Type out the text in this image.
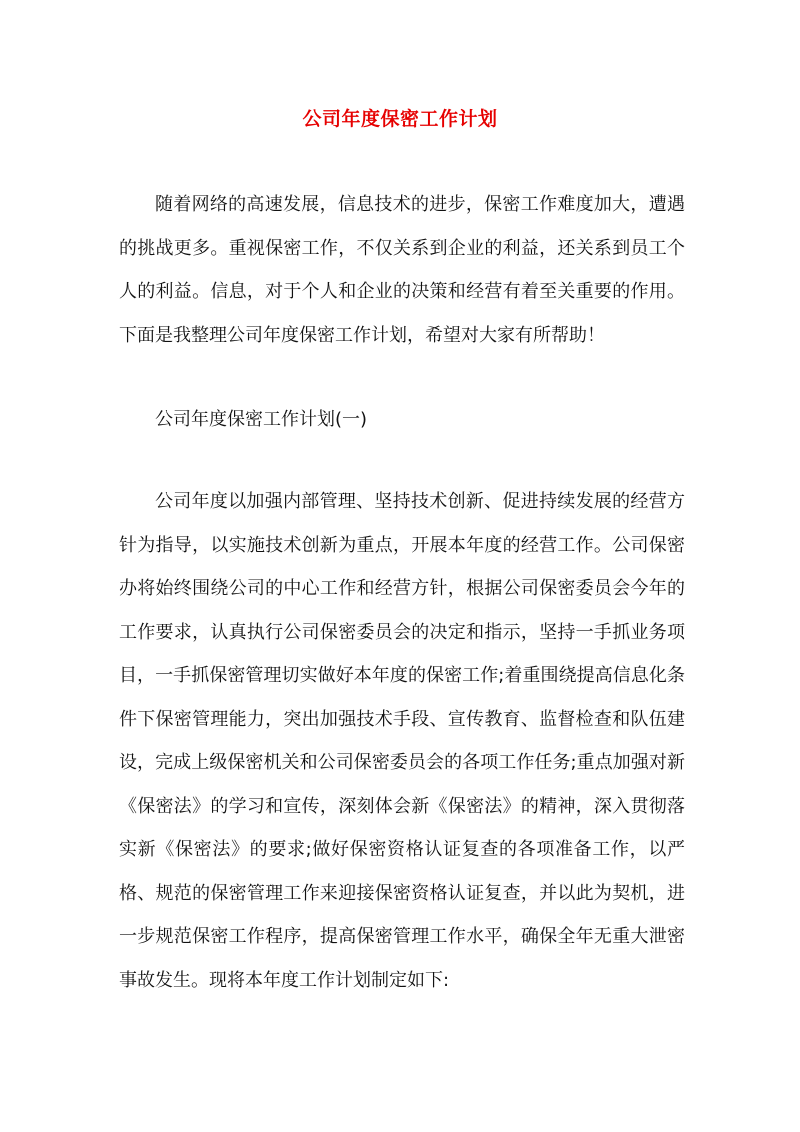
公司年度保密工作计划

随着网络的高速发展，信息技术的进步，保密工作难度加大，遭遇的挑战更多。重视保密工作，不仅关系到企业的利益，还关系到员工个人的利益。信息，对于个人和企业的决策和经营有着至关重要的作用。下面是我整理公司年度保密工作计划，希望对大家有所帮助！

公司年度保密工作计划(一)

公司年度以加强内部管理、坚持技术创新、促进持续发展的经营方针为指导，以实施技术创新为重点，开展本年度的经营工作。公司保密办将始终围绕公司的中心工作和经营方针，根据公司保密委员会今年的工作要求，认真执行公司保密委员会的决定和指示，坚持一手抓业务项目，一手抓保密管理切实做好本年度的保密工作;着重围绕提高信息化条件下保密管理能力，突出加强技术手段、宣传教育、监督检查和队伍建设，完成上级保密机关和公司保密委员会的各项工作任务;重点加强对新《保密法》的学习和宣传，深刻体会新《保密法》的精神，深入贯彻落实新《保密法》的要求;做好保密资格认证复查的各项准备工作，以严格、规范的保密管理工作来迎接保密资格认证复查，并以此为契机，进一步规范保密工作程序，提高保密管理工作水平，确保全年无重大泄密事故发生。现将本年度工作计划制定如下:
